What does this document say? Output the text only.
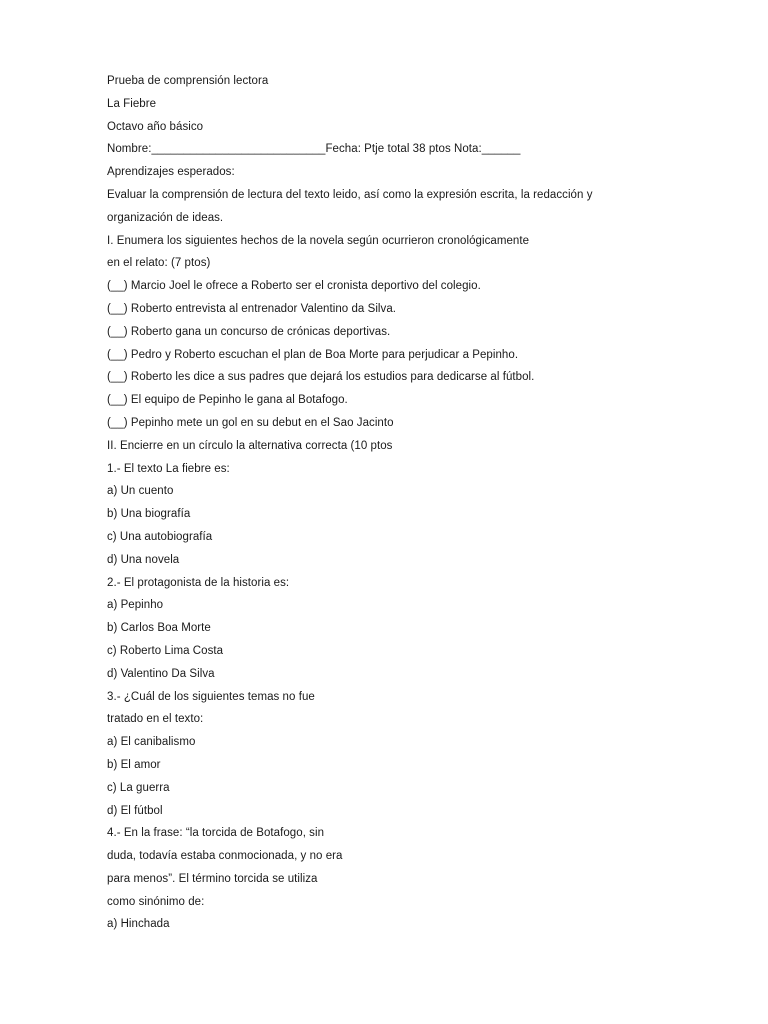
Prueba de comprensión lectora
La Fiebre
Octavo año básico
Nombre:___________________________Fecha: Ptje total 38 ptos Nota:______
Aprendizajes esperados:
Evaluar la comprensión de lectura del texto leido, así como la expresión escrita, la redacción y
organización de ideas.
I. Enumera los siguientes hechos de la novela según ocurrieron cronológicamente
en el relato: (7 ptos)
(__) Marcio Joel le ofrece a Roberto ser el cronista deportivo del colegio.
(__) Roberto entrevista al entrenador Valentino da Silva.
(__) Roberto gana un concurso de crónicas deportivas.
(__) Pedro y Roberto escuchan el plan de Boa Morte para perjudicar a Pepinho.
(__) Roberto les dice a sus padres que dejará los estudios para dedicarse al fútbol.
(__) El equipo de Pepinho le gana al Botafogo.
(__) Pepinho mete un gol en su debut en el Sao Jacinto
II. Encierre en un círculo la alternativa correcta (10 ptos
1.- El texto La fiebre es:
a) Un cuento
b) Una biografía
c) Una autobiografía
d) Una novela
2.- El protagonista de la historia es:
a) Pepinho
b) Carlos Boa Morte
c) Roberto Lima Costa
d) Valentino Da Silva
3.- ¿Cuál de los siguientes temas no fue
tratado en el texto:
a) El canibalismo
b) El amor
c) La guerra
d) El fútbol
4.- En la frase: “la torcida de Botafogo, sin
duda, todavía estaba conmocionada, y no era
para menos”. El término torcida se utiliza
como sinónimo de:
a) Hinchada
